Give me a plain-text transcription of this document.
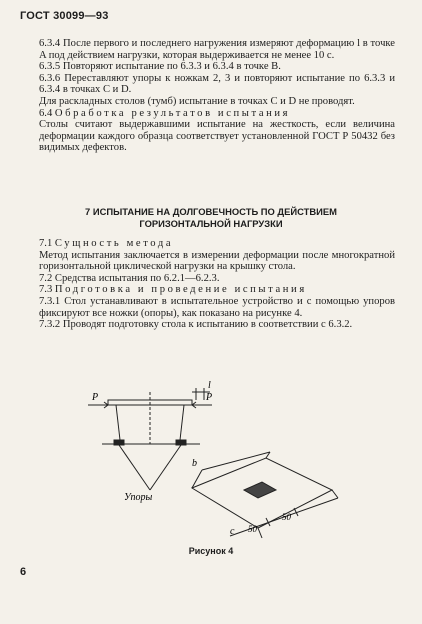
ГОСТ 30099—93

6.3.4 После первого и последнего нагружения измеряют деформацию l в точке A под действием нагрузки, которая выдерживается не менее 10 с.

6.3.5 Повторяют испытание по 6.3.3 и 6.3.4 в точке B.

6.3.6 Переставляют упоры к ножкам 2, 3 и повторяют испытание по 6.3.3 и 6.3.4 в точках C и D.

Для раскладных столов (тумб) испытание в точках C и D не проводят.

6.4 Обработка результатов испытания

Столы считают выдержавшими испытание на жесткость, если величина деформации каждого образца соответствует установленной ГОСТ Р 50432 без видимых дефектов.

7 ИСПЫТАНИЕ НА ДОЛГОВЕЧНОСТЬ ПО ДЕЙСТВИЕМ
ГОРИЗОНТАЛЬНОЙ НАГРУЗКИ

7.1 Сущность метода

Метод испытания заключается в измерении деформации после многократной горизонтальной циклической нагрузки на крышку стола.

7.2 Средства испытания по 6.2.1—6.2.3.

7.3 Подготовка и проведение испытания

7.3.1 Стол устанавливают в испытательное устройство и с помощью упоров фиксируют все ножки (опоры), как показано на рисунке 4.

7.3.2 Проводят подготовку стола к испытанию в соответствии с 6.3.2.

P	P
l
Упоры
b
50
50
c
Рисунок 4
6
